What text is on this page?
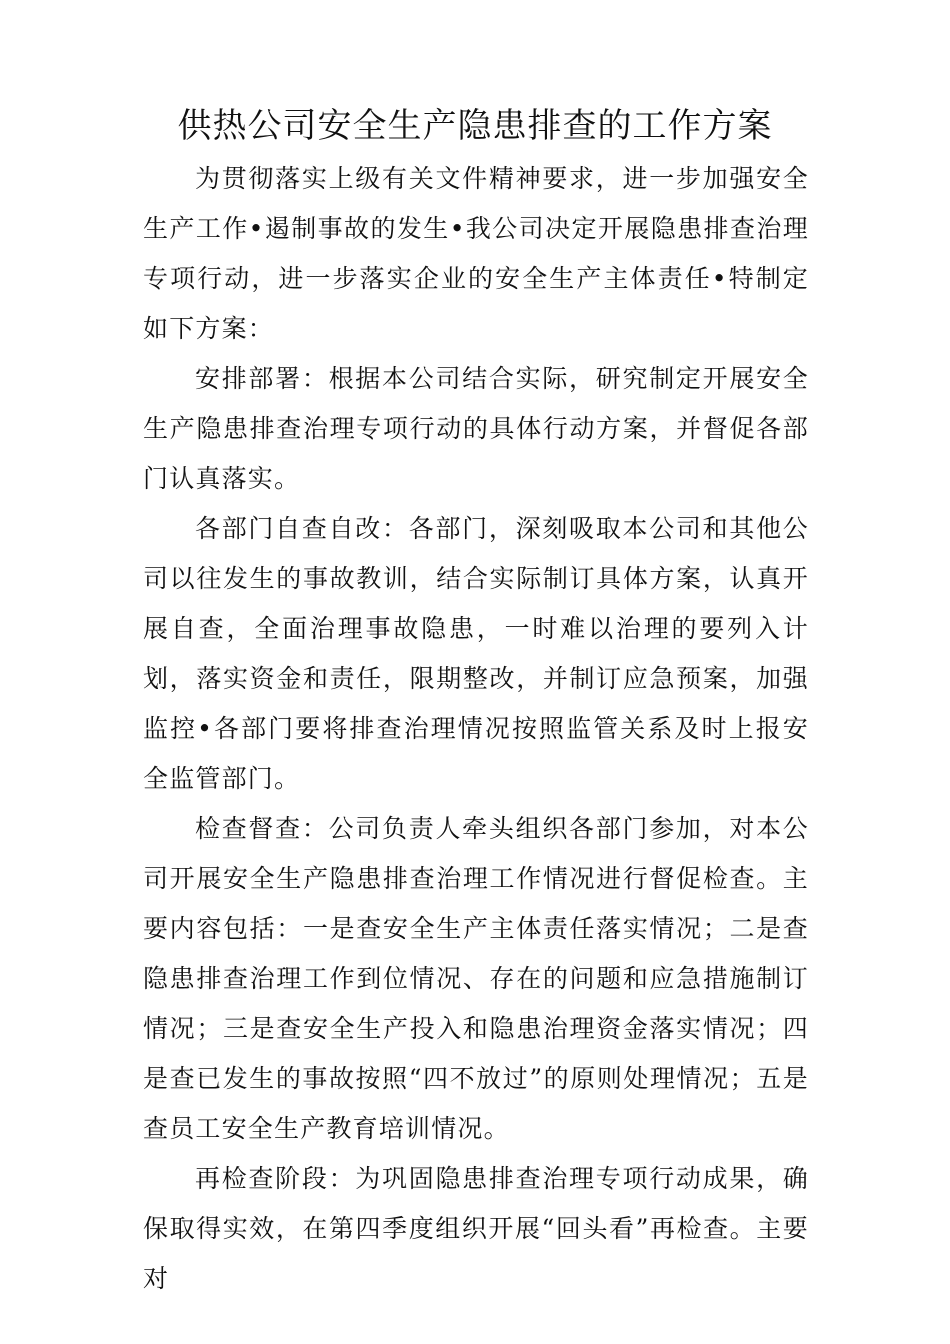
供热公司安全生产隐患排查的工作方案

为贯彻落实上级有关文件精神要求，进一步加强安全生产工作•遏制事故的发生•我公司决定开展隐患排查治理专项行动，进一步落实企业的安全生产主体责任•特制定如下方案：

安排部署：根据本公司结合实际，研究制定开展安全生产隐患排查治理专项行动的具体行动方案，并督促各部门认真落实。

各部门自查自改：各部门，深刻吸取本公司和其他公司以往发生的事故教训，结合实际制订具体方案，认真开展自查，全面治理事故隐患，一时难以治理的要列入计划，落实资金和责任，限期整改，并制订应急预案，加强监控•各部门要将排查治理情况按照监管关系及时上报安全监管部门。

检查督查：公司负责人牵头组织各部门参加，对本公司开展安全生产隐患排查治理工作情况进行督促检查。主要内容包括：一是查安全生产主体责任落实情况；二是查隐患排查治理工作到位情况、存在的问题和应急措施制订情况；三是查安全生产投入和隐患治理资金落实情况；四是查已发生的事故按照“四不放过”的原则处理情况；五是查员工安全生产教育培训情况。

再检查阶段：为巩固隐患排查治理专项行动成果，确保取得实效，在第四季度组织开展“回头看”再检查。主要对
